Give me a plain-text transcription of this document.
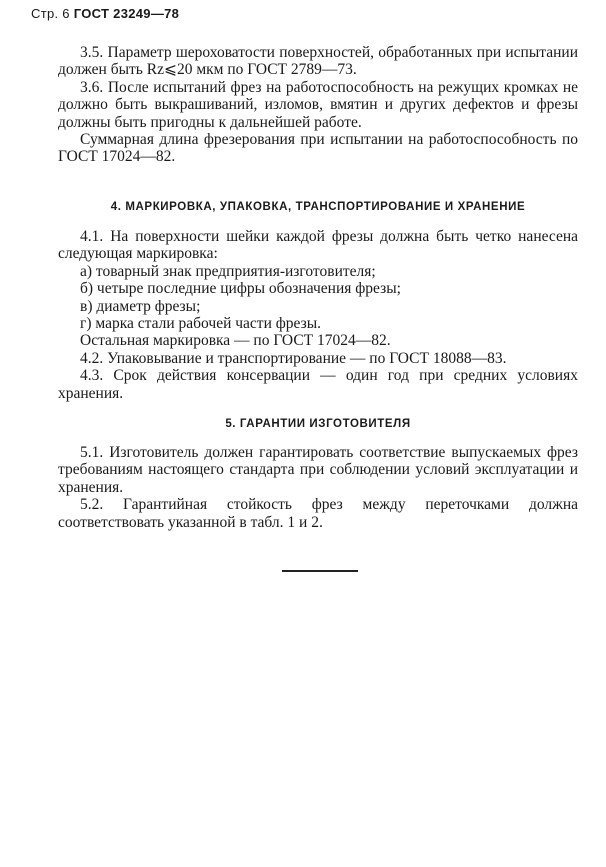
Стр. 6 ГОСТ 23249—78

3.5. Параметр шероховатости поверхностей, обработанных при испытании должен быть Rz⩽20 мкм по ГОСТ 2789—73.

3.6. После испытаний фрез на работоспособность на режущих кромках не должно быть выкрашиваний, изломов, вмятин и других дефектов и фрезы должны быть пригодны к дальнейшей работе.

Суммарная длина фрезерования при испытании на работоспособность по ГОСТ 17024—82.

4. МАРКИРОВКА, УПАКОВКА, ТРАНСПОРТИРОВАНИЕ И ХРАНЕНИЕ

4.1. На поверхности шейки каждой фрезы должна быть четко нанесена следующая маркировка:

а) товарный знак предприятия-изготовителя;

б) четыре последние цифры обозначения фрезы;

в) диаметр фрезы;

г) марка стали рабочей части фрезы.

Остальная маркировка — по ГОСТ 17024—82.

4.2. Упаковывание и транспортирование — по ГОСТ 18088—83.

4.3. Срок действия консервации — один год при средних условиях хранения.

5. ГАРАНТИИ ИЗГОТОВИТЕЛЯ

5.1. Изготовитель должен гарантировать соответствие выпускаемых фрез требованиям настоящего стандарта при соблюдении условий эксплуатации и хранения.

5.2. Гарантийная стойкость фрез между переточками должна соответствовать указанной в табл. 1 и 2.
